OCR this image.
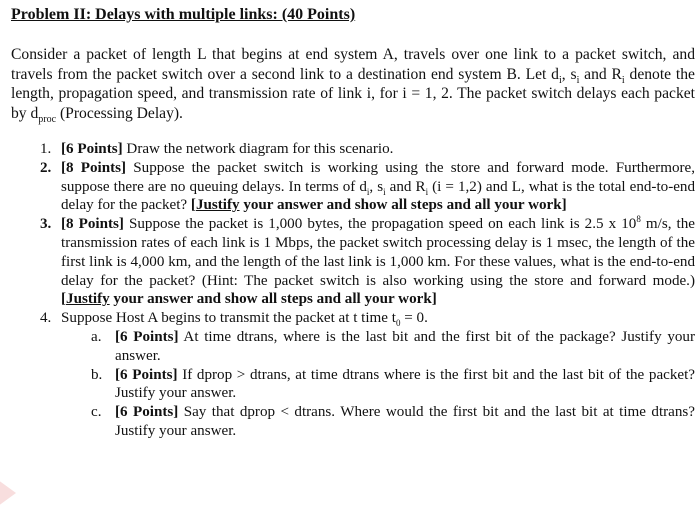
Problem II: Delays with multiple links: (40 Points)

Consider a packet of length L that begins at end system A, travels over one link to a packet switch, and travels from the packet switch over a second link to a destination end system B. Let $d_i$, $s_i$ and $R_i$ denote the length, propagation speed, and transmission rate of link i, for i = 1, 2. The packet switch delays each packet by $d_{proc}$ (Processing Delay).

1. [6 Points] Draw the network diagram for this scenario.
2. [8 Points] Suppose the packet switch is working using the store and forward mode. Furthermore, suppose there are no queuing delays. In terms of $d_i$, $s_i$ and $R_i$ (i = 1,2) and L, what is the total end-to-end delay for the packet? [Justify your answer and show all steps and all your work]
3. [8 Points] Suppose the packet is 1,000 bytes, the propagation speed on each link is 2.5 x $10^8$ m/s, the transmission rates of each link is 1 Mbps, the packet switch processing delay is 1 msec, the length of the first link is 4,000 km, and the length of the last link is 1,000 km. For these values, what is the end-to-end delay for the packet? (Hint: The packet switch is also working using the store and forward mode.) [Justify your answer and show all steps and all your work]
4. Suppose Host A begins to transmit the packet at t time $t_0 = 0$.
a. [6 Points] At time dtrans, where is the last bit and the first bit of the package? Justify your answer.
b. [6 Points] If dprop > dtrans, at time dtrans where is the first bit and the last bit of the packet? Justify your answer.
c. [6 Points] Say that dprop < dtrans. Where would the first bit and the last bit at time dtrans? Justify your answer.
